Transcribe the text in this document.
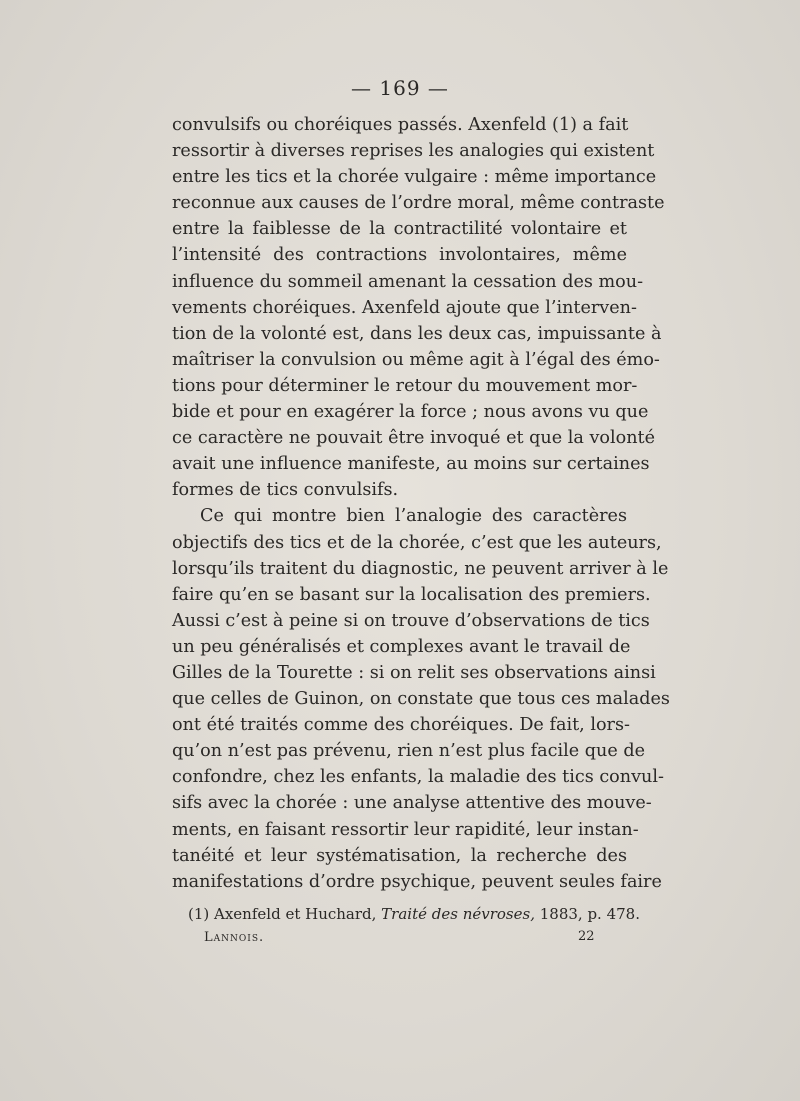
— 169 —
convulsifs ou choréiques passés. Axenfeld (1) a fait
ressortir à diverses reprises les analogies qui existent
entre les tics et la chorée vulgaire : même importance
reconnue aux causes de l’ordre moral, même contraste
entre la faiblesse de la contractilité volontaire et
l’intensité des contractions involontaires, même
influence du sommeil amenant la cessation des mou-
vements choréiques. Axenfeld ajoute que l’interven-
tion de la volonté est, dans les deux cas, impuissante à
maîtriser la convulsion ou même agit à l’égal des émo-
tions pour déterminer le retour du mouvement mor-
bide et pour en exagérer la force ; nous avons vu que
ce caractère ne pouvait être invoqué et que la volonté
avait une influence manifeste, au moins sur certaines
formes de tics convulsifs.
Ce qui montre bien l’analogie des caractères
objectifs des tics et de la chorée, c’est que les auteurs,
lorsqu’ils traitent du diagnostic, ne peuvent arriver à le
faire qu’en se basant sur la localisation des premiers.
Aussi c’est à peine si on trouve d’observations de tics
un peu généralisés et complexes avant le travail de
Gilles de la Tourette : si on relit ses observations ainsi
que celles de Guinon, on constate que tous ces malades
ont été traités comme des choréiques. De fait, lors-
qu’on n’est pas prévenu, rien n’est plus facile que de
confondre, chez les enfants, la maladie des tics convul-
sifs avec la chorée : une analyse attentive des mouve-
ments, en faisant ressortir leur rapidité, leur instan-
tanéité et leur systématisation, la recherche des
manifestations d’ordre psychique, peuvent seules faire
(1) Axenfeld et Huchard, Traité des névroses, 1883, p. 478.
Lannois.	22
